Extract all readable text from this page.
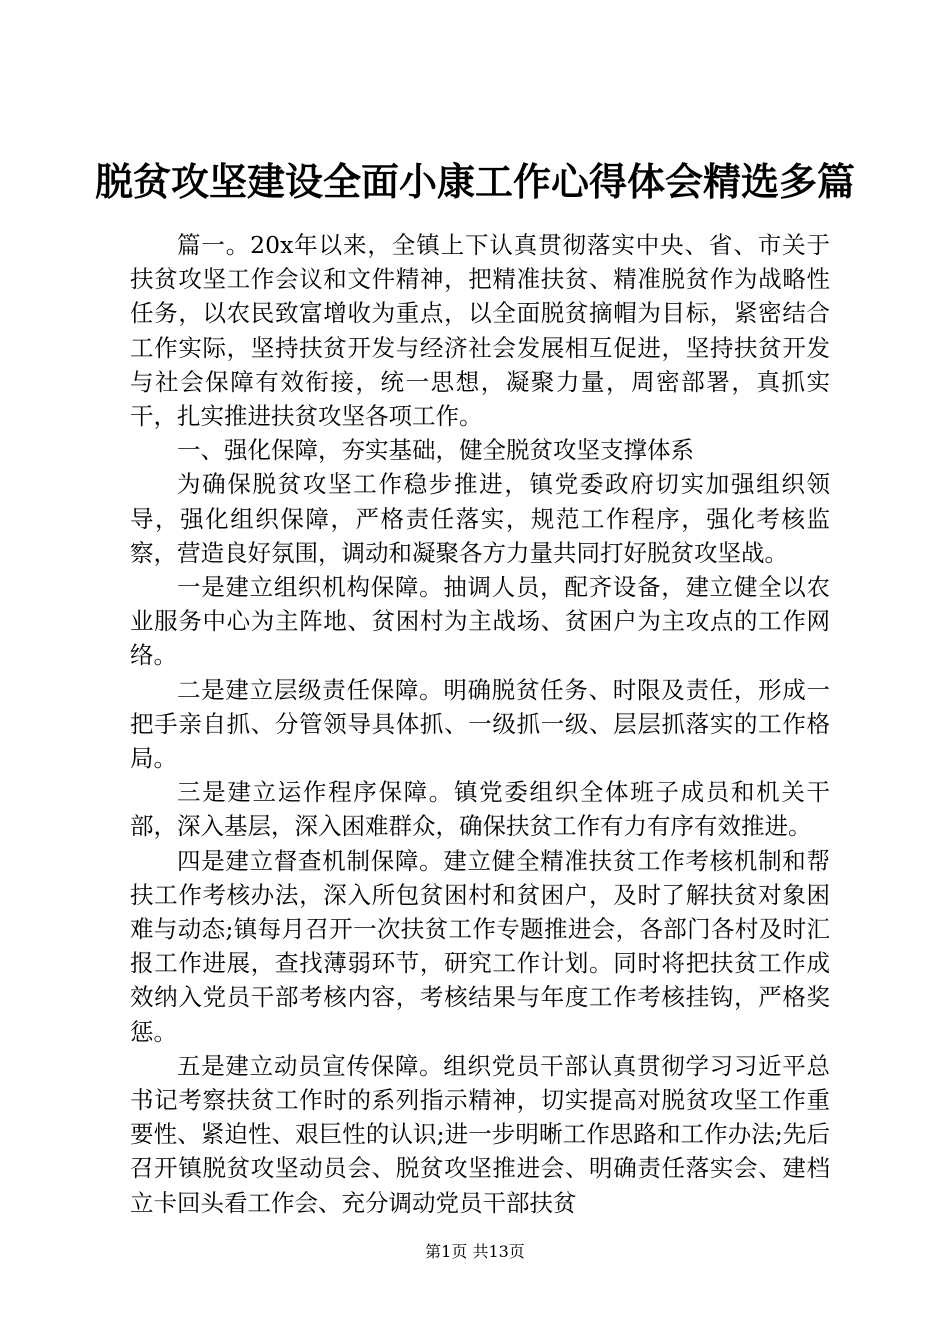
脱贫攻坚建设全面小康工作心得体会精选多篇

篇一。20x年以来，全镇上下认真贯彻落实中央、省、市关于扶贫攻坚工作会议和文件精神，把精准扶贫、精准脱贫作为战略性任务，以农民致富增收为重点，以全面脱贫摘帽为目标，紧密结合工作实际，坚持扶贫开发与经济社会发展相互促进，坚持扶贫开发与社会保障有效衔接，统一思想，凝聚力量，周密部署，真抓实干，扎实推进扶贫攻坚各项工作。

一、强化保障，夯实基础，健全脱贫攻坚支撑体系

为确保脱贫攻坚工作稳步推进，镇党委政府切实加强组织领导，强化组织保障，严格责任落实，规范工作程序，强化考核监察，营造良好氛围，调动和凝聚各方力量共同打好脱贫攻坚战。

一是建立组织机构保障。抽调人员，配齐设备，建立健全以农业服务中心为主阵地、贫困村为主战场、贫困户为主攻点的工作网络。

二是建立层级责任保障。明确脱贫任务、时限及责任，形成一把手亲自抓、分管领导具体抓、一级抓一级、层层抓落实的工作格局。

三是建立运作程序保障。镇党委组织全体班子成员和机关干部，深入基层，深入困难群众，确保扶贫工作有力有序有效推进。

四是建立督查机制保障。建立健全精准扶贫工作考核机制和帮扶工作考核办法，深入所包贫困村和贫困户，及时了解扶贫对象困难与动态;镇每月召开一次扶贫工作专题推进会，各部门各村及时汇报工作进展，查找薄弱环节，研究工作计划。同时将把扶贫工作成效纳入党员干部考核内容，考核结果与年度工作考核挂钩，严格奖惩。

五是建立动员宣传保障。组织党员干部认真贯彻学习习近平总书记考察扶贫工作时的系列指示精神，切实提高对脱贫攻坚工作重要性、紧迫性、艰巨性的认识;进一步明晰工作思路和工作办法;先后召开镇脱贫攻坚动员会、脱贫攻坚推进会、明确责任落实会、建档立卡回头看工作会、充分调动党员干部扶贫

第1页 共13页
